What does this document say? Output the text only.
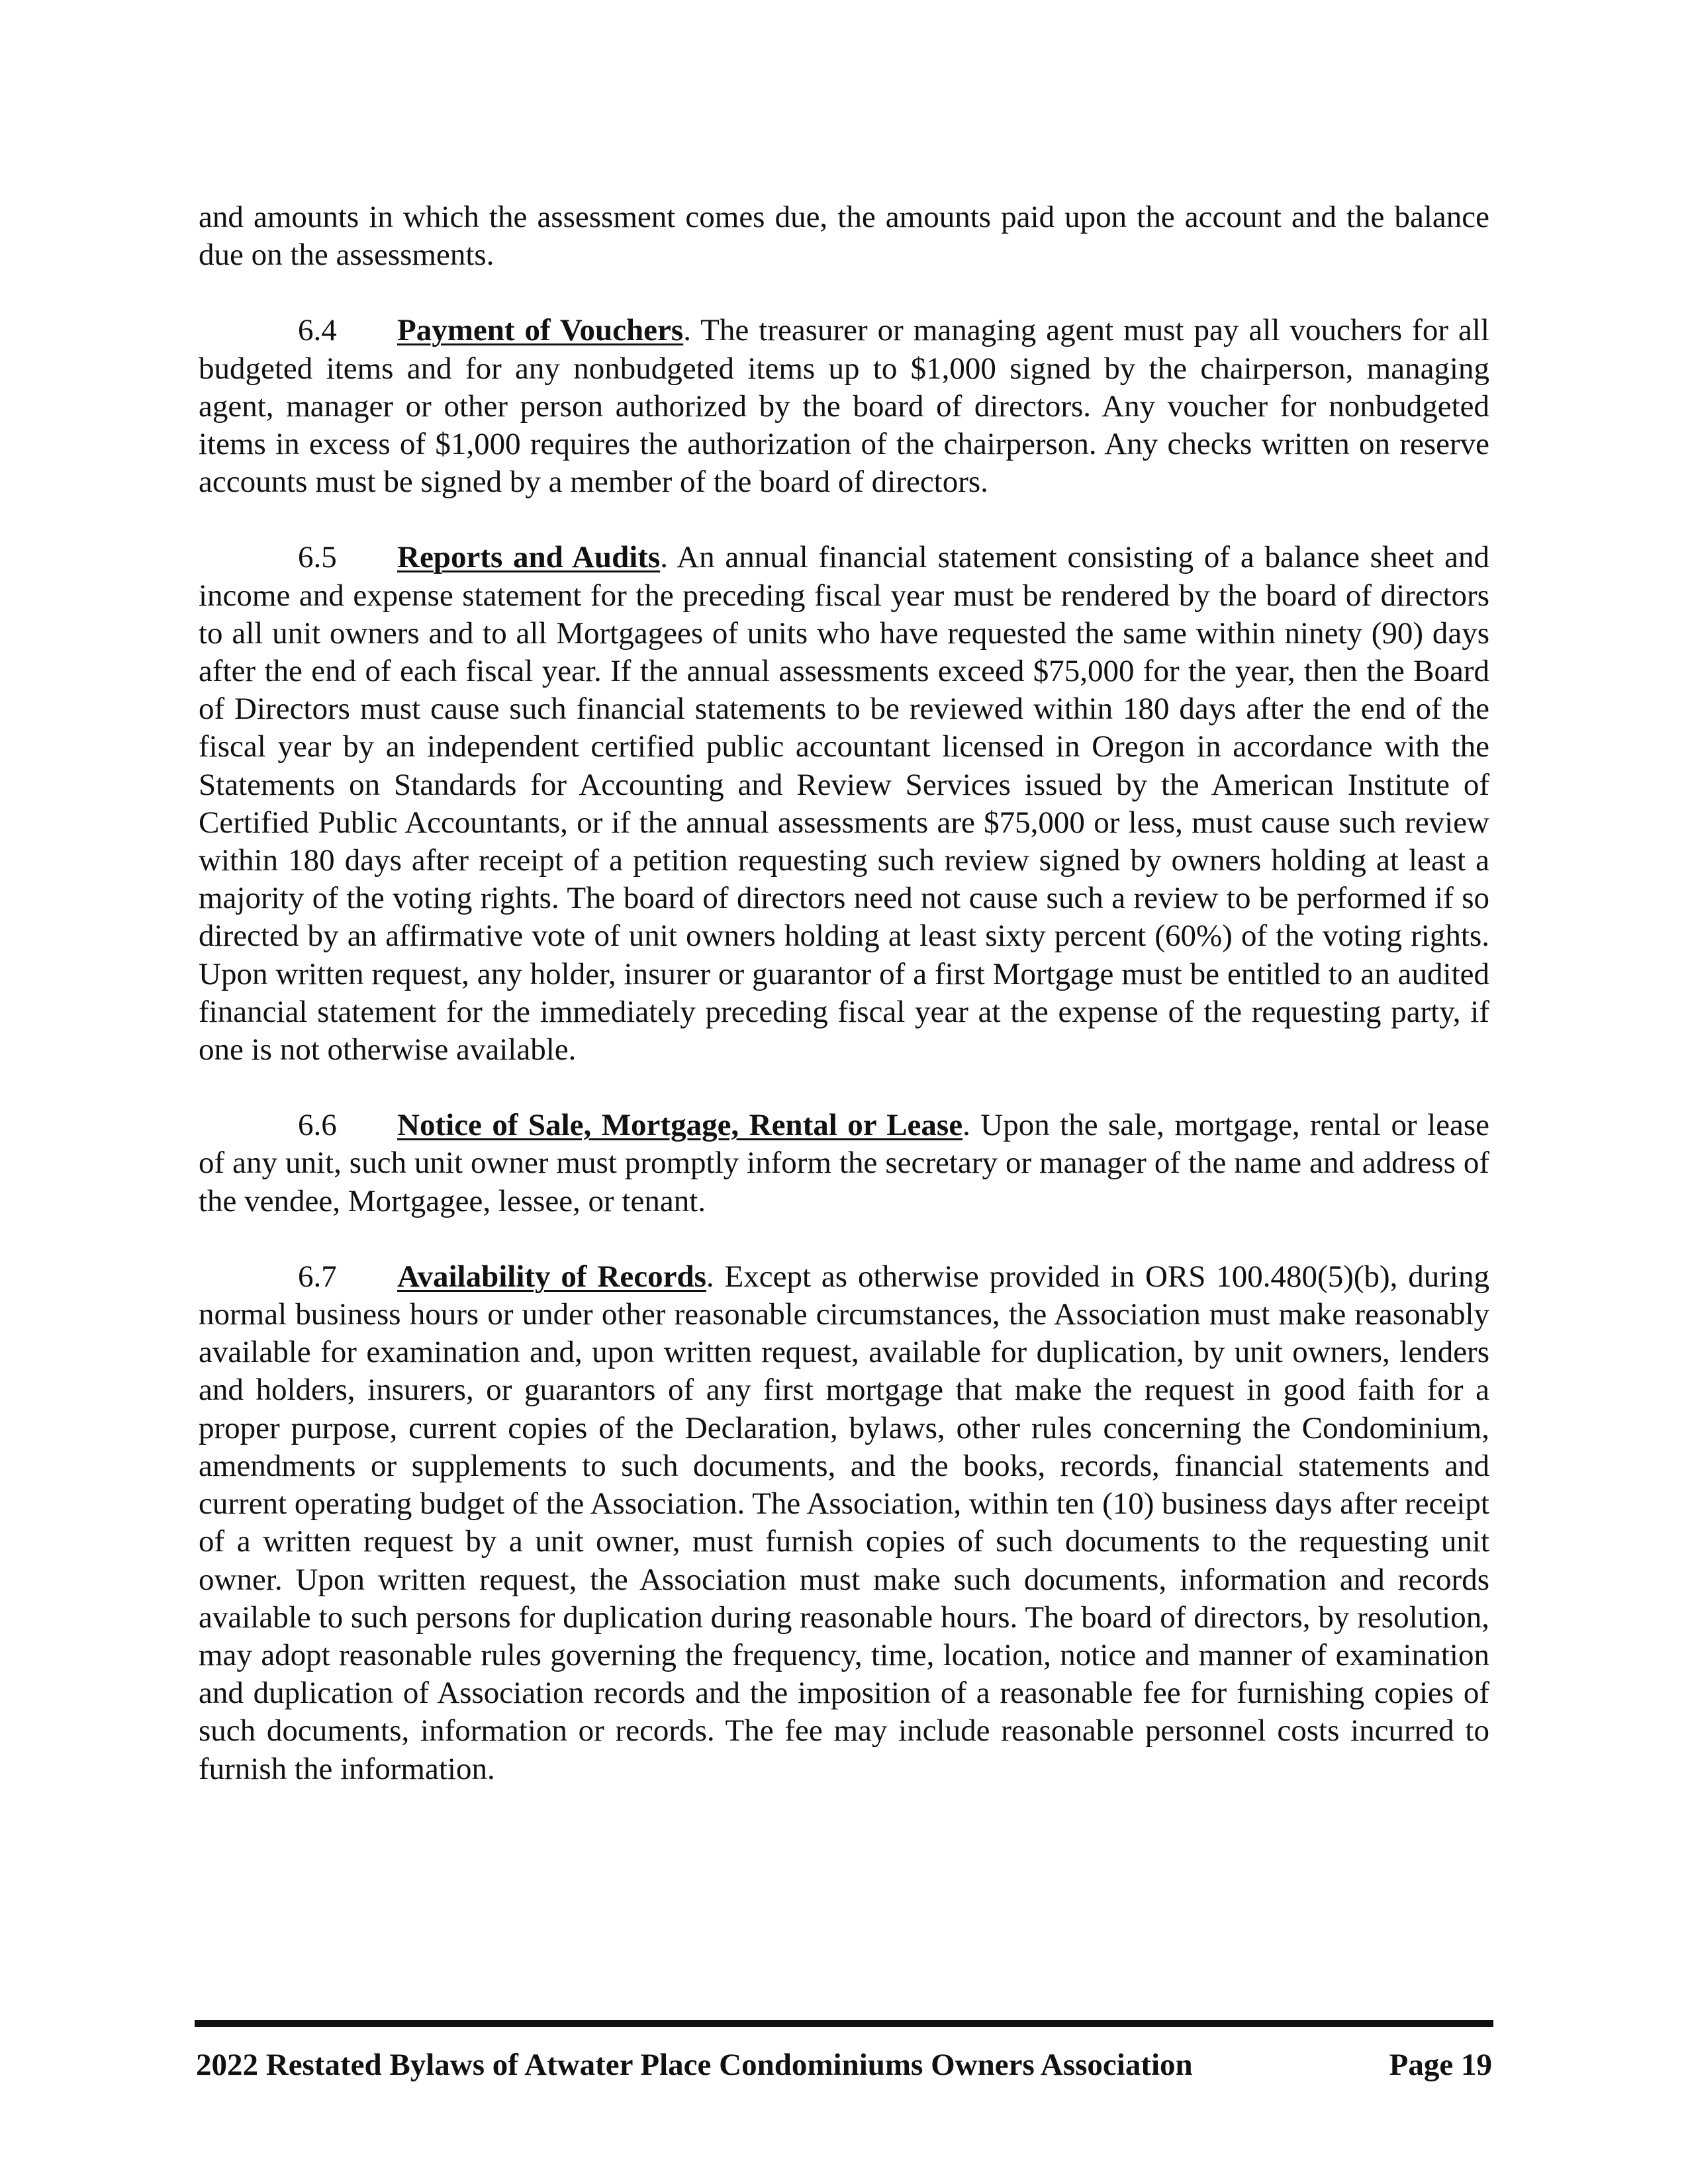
and amounts in which the assessment comes due, the amounts paid upon the account and the balance due on the assessments.

6.4 Payment of Vouchers. The treasurer or managing agent must pay all vouchers for all budgeted items and for any nonbudgeted items up to $1,000 signed by the chairperson, managing agent, manager or other person authorized by the board of directors. Any voucher for nonbudgeted items in excess of $1,000 requires the authorization of the chairperson. Any checks written on reserve accounts must be signed by a member of the board of directors.

6.5 Reports and Audits. An annual financial statement consisting of a balance sheet and income and expense statement for the preceding fiscal year must be rendered by the board of directors to all unit owners and to all Mortgagees of units who have requested the same within ninety (90) days after the end of each fiscal year. If the annual assessments exceed $75,000 for the year, then the Board of Directors must cause such financial statements to be reviewed within 180 days after the end of the fiscal year by an independent certified public accountant licensed in Oregon in accordance with the Statements on Standards for Accounting and Review Services issued by the American Institute of Certified Public Accountants, or if the annual assessments are $75,000 or less, must cause such review within 180 days after receipt of a petition requesting such review signed by owners holding at least a majority of the voting rights. The board of directors need not cause such a review to be performed if so directed by an affirmative vote of unit owners holding at least sixty percent (60%) of the voting rights. Upon written request, any holder, insurer or guarantor of a first Mortgage must be entitled to an audited financial statement for the immediately preceding fiscal year at the expense of the requesting party, if one is not otherwise available.

6.6 Notice of Sale, Mortgage, Rental or Lease. Upon the sale, mortgage, rental or lease of any unit, such unit owner must promptly inform the secretary or manager of the name and address of the vendee, Mortgagee, lessee, or tenant.

6.7 Availability of Records. Except as otherwise provided in ORS 100.480(5)(b), during normal business hours or under other reasonable circumstances, the Association must make reasonably available for examination and, upon written request, available for duplication, by unit owners, lenders and holders, insurers, or guarantors of any first mortgage that make the request in good faith for a proper purpose, current copies of the Declaration, bylaws, other rules concerning the Condominium, amendments or supplements to such documents, and the books, records, financial statements and current operating budget of the Association. The Association, within ten (10) business days after receipt of a written request by a unit owner, must furnish copies of such documents to the requesting unit owner. Upon written request, the Association must make such documents, information and records available to such persons for duplication during reasonable hours. The board of directors, by resolution, may adopt reasonable rules governing the frequency, time, location, notice and manner of examination and duplication of Association records and the imposition of a reasonable fee for furnishing copies of such documents, information or records. The fee may include reasonable personnel costs incurred to furnish the information.

2022 Restated Bylaws of Atwater Place Condominiums Owners Association	Page 19
